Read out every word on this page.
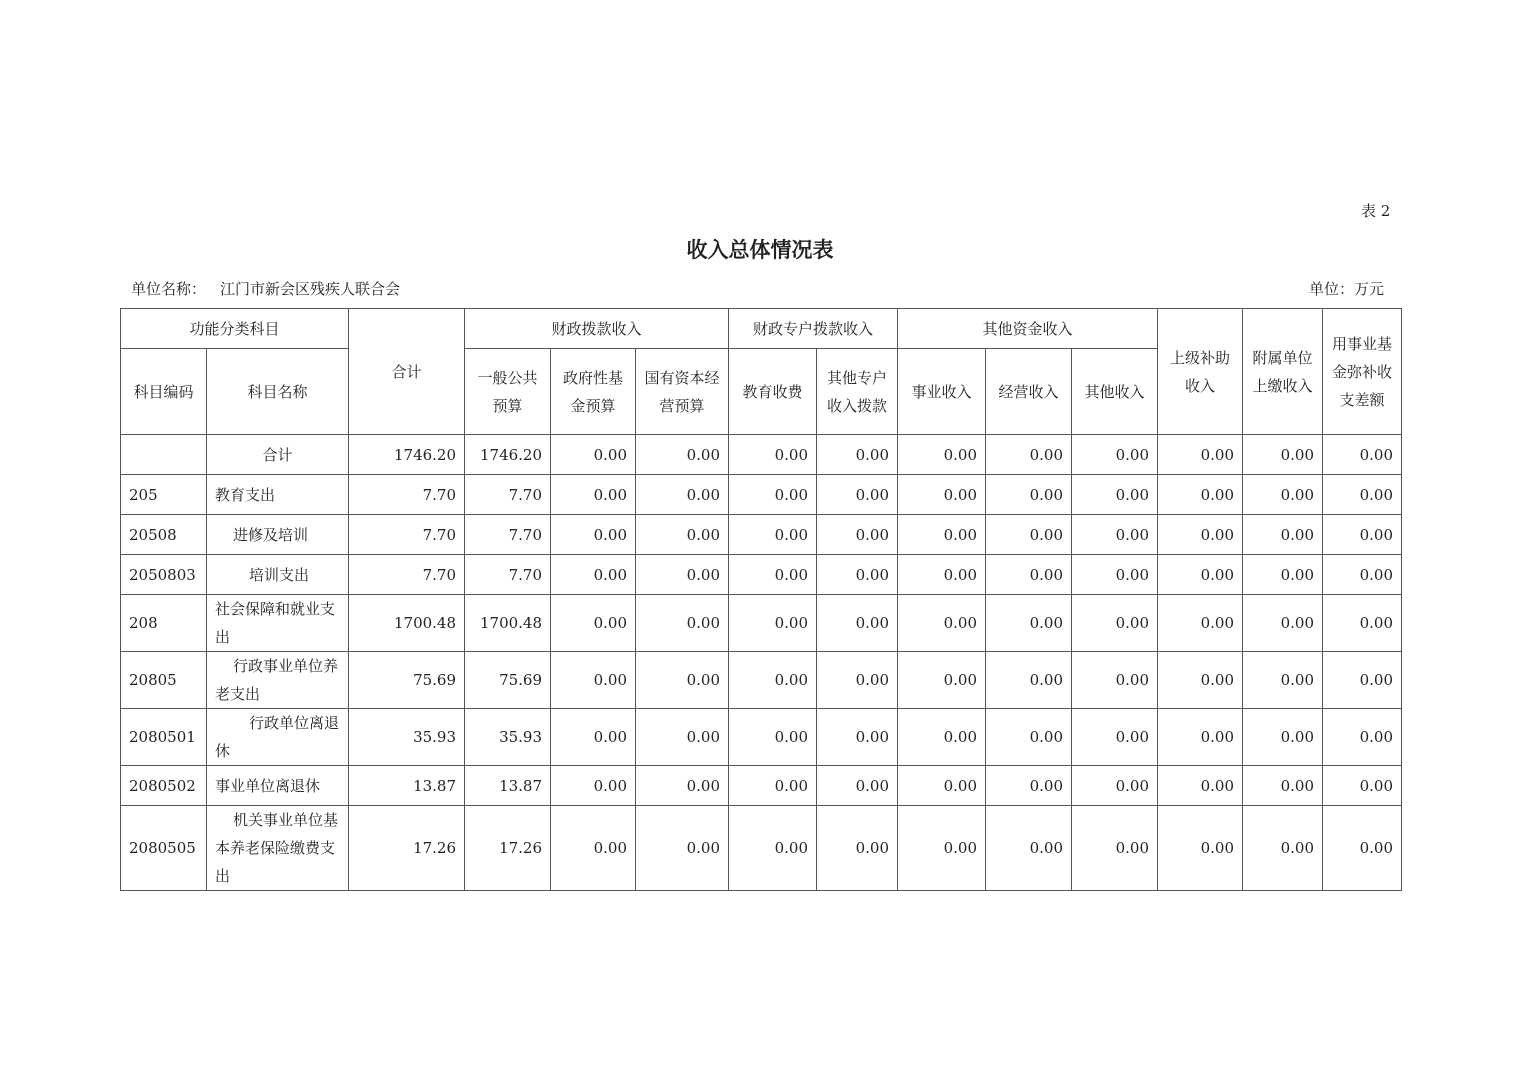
表 2
收入总体情况表
单位名称： 江门市新会区残疾人联合会	单位：万元
功能分类科目		合计	财政拨款收入			财政专户拨款收入		其他资金收入			上级补助收入	附属单位上缴收入	用事业基金弥补收支差额
科目编码	科目名称		一般公共预算	政府性基金预算	国有资本经营预算	教育收费	其他专户收入拨款	事业收入	经营收入	其他收入			
	合计	1746.20	1746.20	0.00	0.00	0.00	0.00	0.00	0.00	0.00	0.00	0.00	0.00
205	教育支出	7.70	7.70	0.00	0.00	0.00	0.00	0.00	0.00	0.00	0.00	0.00	0.00
20508	进修及培训	7.70	7.70	0.00	0.00	0.00	0.00	0.00	0.00	0.00	0.00	0.00	0.00
2050803	培训支出	7.70	7.70	0.00	0.00	0.00	0.00	0.00	0.00	0.00	0.00	0.00	0.00
208	社会保障和就业支出	1700.48	1700.48	0.00	0.00	0.00	0.00	0.00	0.00	0.00	0.00	0.00	0.00
20805	行政事业单位养老支出	75.69	75.69	0.00	0.00	0.00	0.00	0.00	0.00	0.00	0.00	0.00	0.00
2080501	行政单位离退休	35.93	35.93	0.00	0.00	0.00	0.00	0.00	0.00	0.00	0.00	0.00	0.00
2080502	事业单位离退休	13.87	13.87	0.00	0.00	0.00	0.00	0.00	0.00	0.00	0.00	0.00	0.00
2080505	机关事业单位基本养老保险缴费支出	17.26	17.26	0.00	0.00	0.00	0.00	0.00	0.00	0.00	0.00	0.00	0.00
